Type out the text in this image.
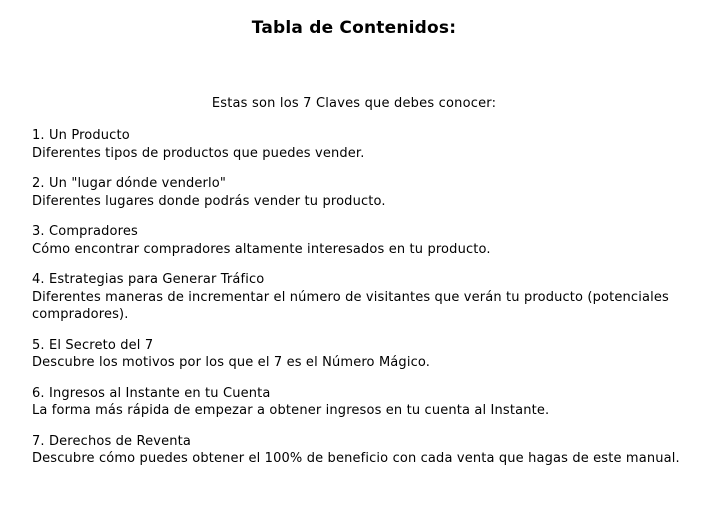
Tabla de Contenidos:
Estas son los 7 Claves que debes conocer:
1. Un Producto
Diferentes tipos de productos que puedes vender.
2. Un "lugar dónde venderlo"
Diferentes lugares donde podrás vender tu producto.
3. Compradores
Cómo encontrar compradores altamente interesados en tu producto.
4. Estrategias para Generar Tráfico
Diferentes maneras de incrementar el número de visitantes que verán tu producto (potenciales compradores).
5. El Secreto del 7
Descubre los motivos por los que el 7 es el Número Mágico.
6. Ingresos al Instante en tu Cuenta
La forma más rápida de empezar a obtener ingresos en tu cuenta al Instante.
7. Derechos de Reventa
Descubre cómo puedes obtener el 100% de beneficio con cada venta que hagas de este manual.
